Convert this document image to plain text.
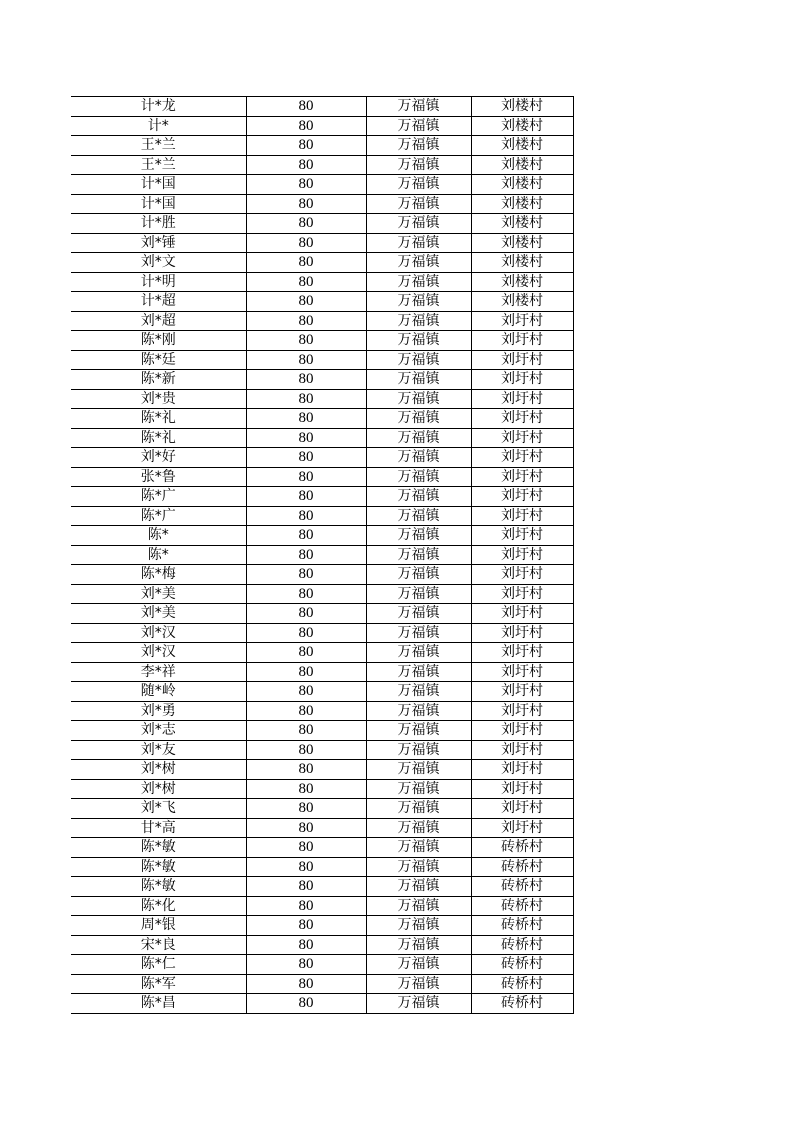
计*龙	80	万福镇	刘楼村
计*	80	万福镇	刘楼村
王*兰	80	万福镇	刘楼村
王*兰	80	万福镇	刘楼村
计*国	80	万福镇	刘楼村
计*国	80	万福镇	刘楼村
计*胜	80	万福镇	刘楼村
刘*锤	80	万福镇	刘楼村
刘*文	80	万福镇	刘楼村
计*明	80	万福镇	刘楼村
计*超	80	万福镇	刘楼村
刘*超	80	万福镇	刘圩村
陈*刚	80	万福镇	刘圩村
陈*廷	80	万福镇	刘圩村
陈*新	80	万福镇	刘圩村
刘*贵	80	万福镇	刘圩村
陈*礼	80	万福镇	刘圩村
陈*礼	80	万福镇	刘圩村
刘*好	80	万福镇	刘圩村
张*鲁	80	万福镇	刘圩村
陈*广	80	万福镇	刘圩村
陈*广	80	万福镇	刘圩村
陈*	80	万福镇	刘圩村
陈*	80	万福镇	刘圩村
陈*梅	80	万福镇	刘圩村
刘*美	80	万福镇	刘圩村
刘*美	80	万福镇	刘圩村
刘*汉	80	万福镇	刘圩村
刘*汉	80	万福镇	刘圩村
李*祥	80	万福镇	刘圩村
随*岭	80	万福镇	刘圩村
刘*勇	80	万福镇	刘圩村
刘*志	80	万福镇	刘圩村
刘*友	80	万福镇	刘圩村
刘*树	80	万福镇	刘圩村
刘*树	80	万福镇	刘圩村
刘*飞	80	万福镇	刘圩村
甘*高	80	万福镇	刘圩村
陈*敏	80	万福镇	砖桥村
陈*敏	80	万福镇	砖桥村
陈*敏	80	万福镇	砖桥村
陈*化	80	万福镇	砖桥村
周*银	80	万福镇	砖桥村
宋*良	80	万福镇	砖桥村
陈*仁	80	万福镇	砖桥村
陈*军	80	万福镇	砖桥村
陈*昌	80	万福镇	砖桥村
